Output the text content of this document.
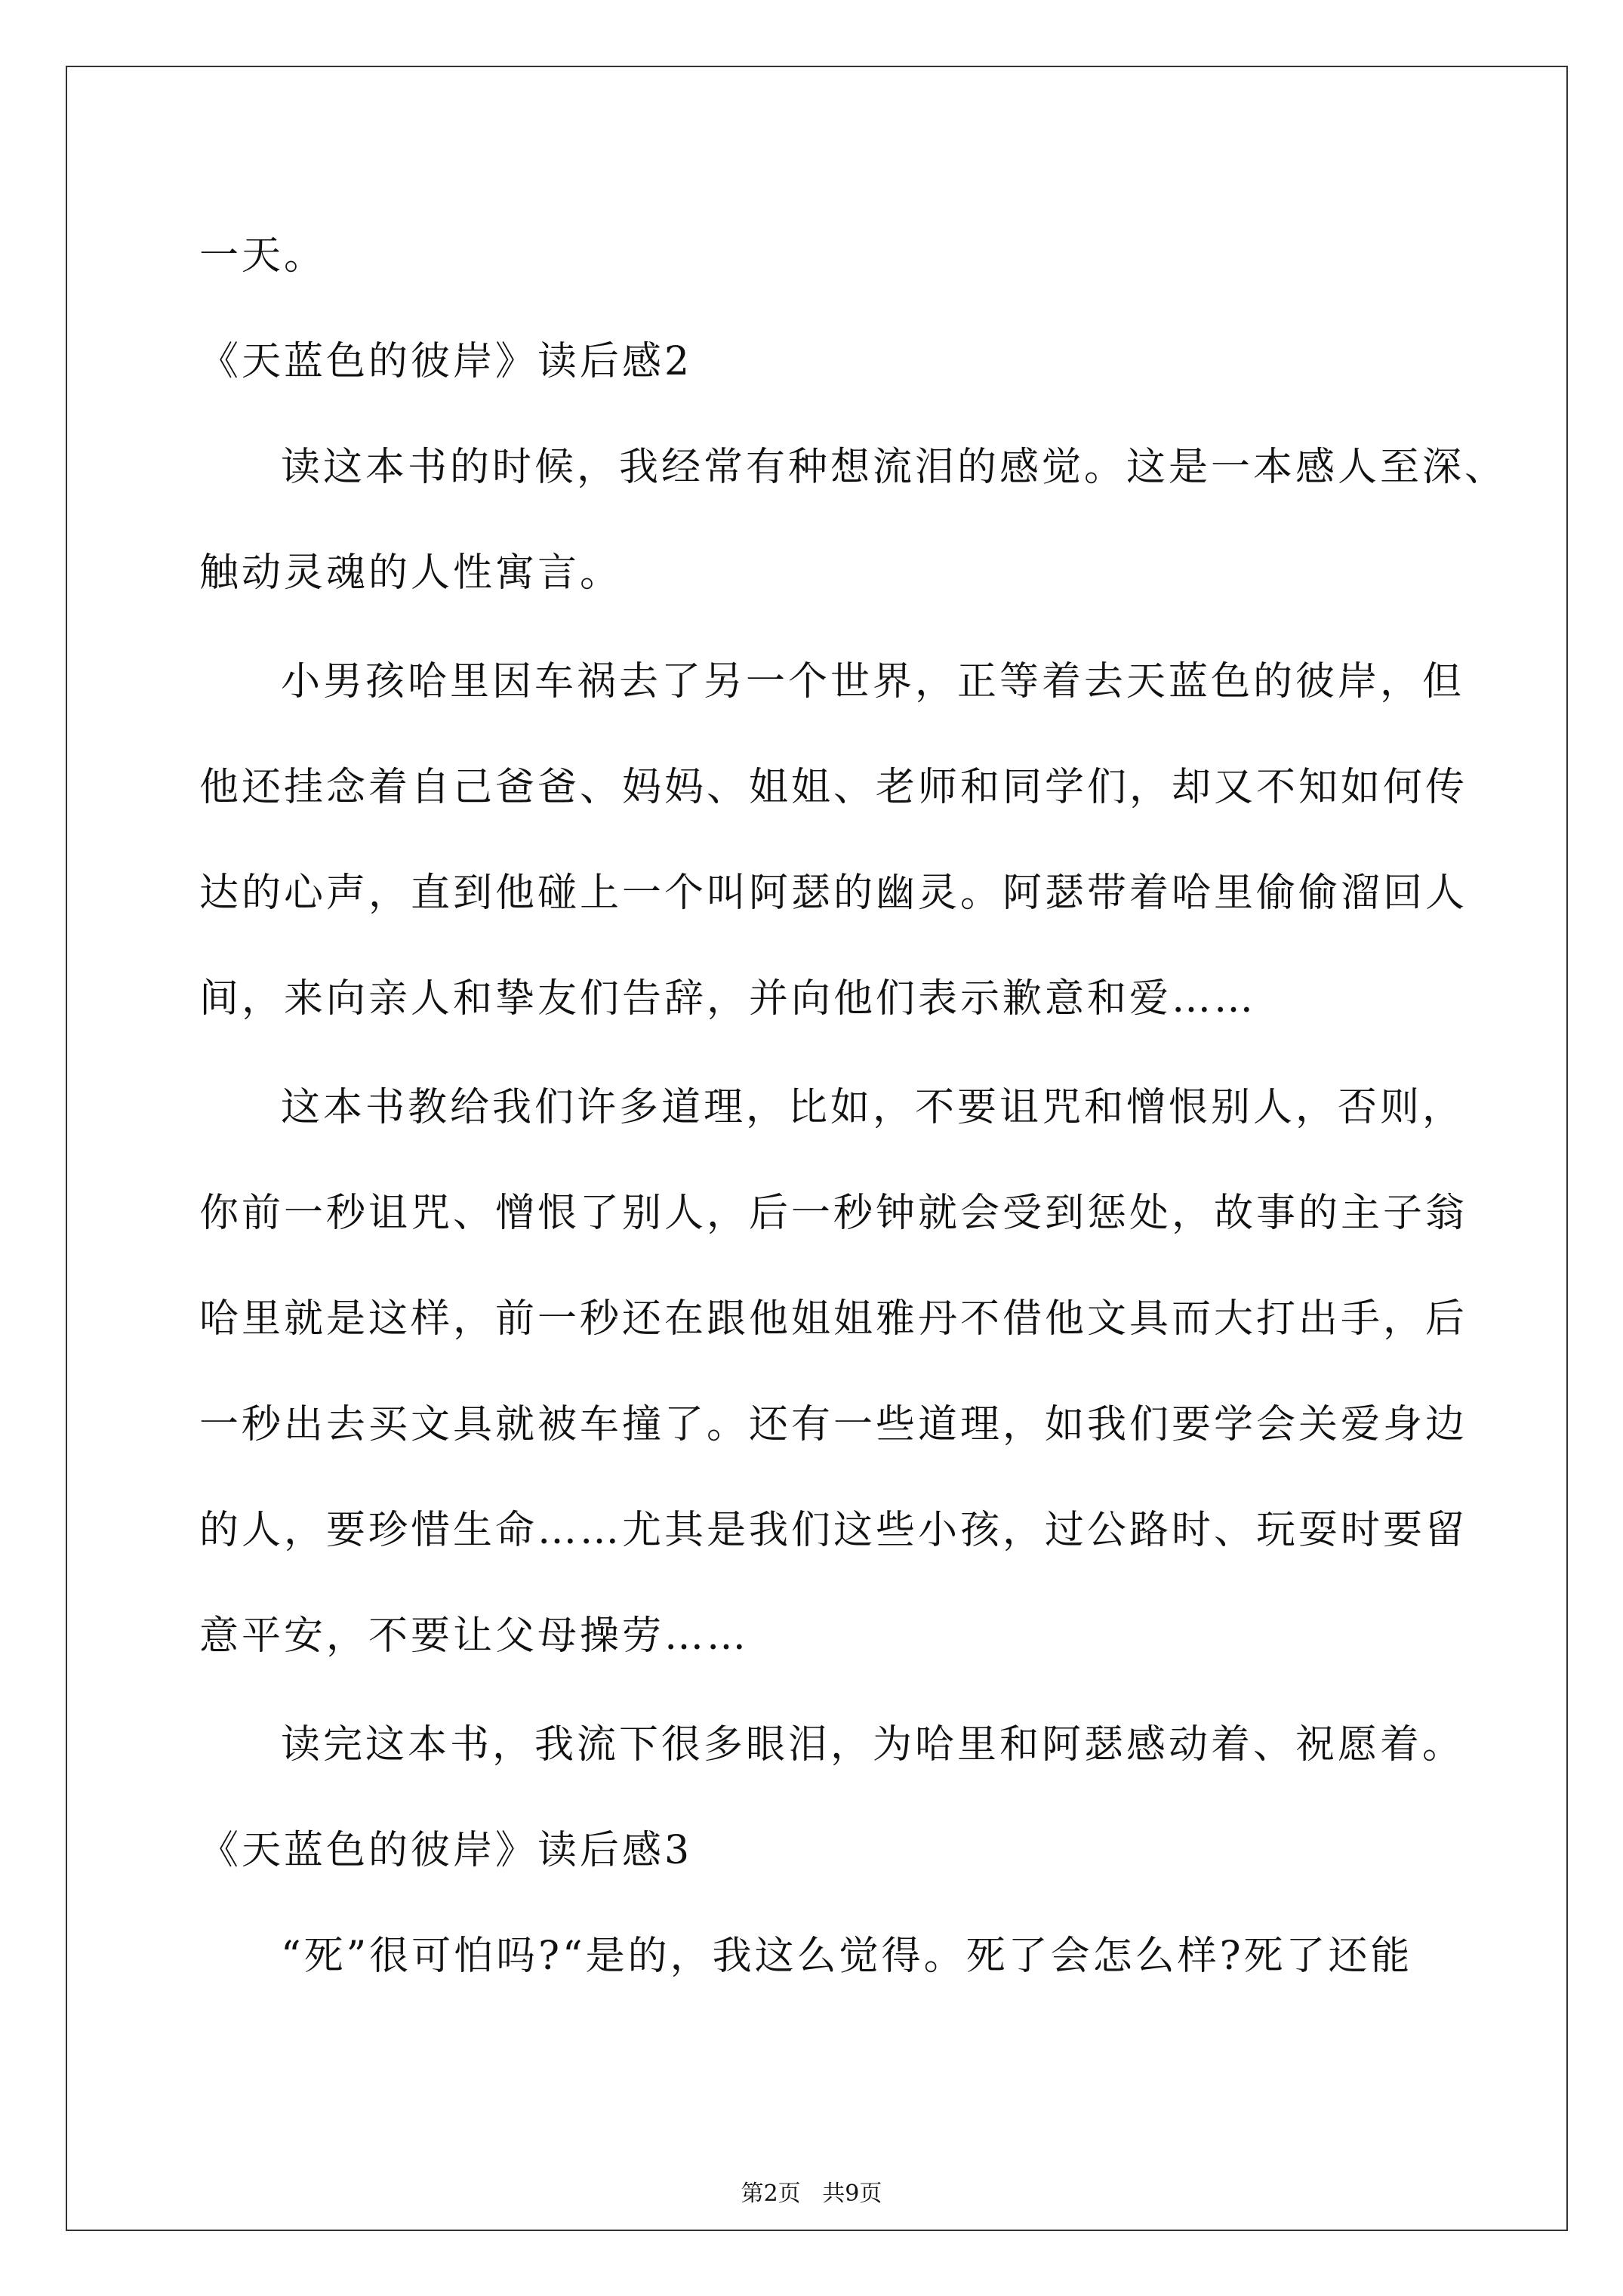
一天。
《天蓝色的彼岸》读后感2
读这本书的时候，我经常有种想流泪的感觉。这是一本感人至深、
触动灵魂的人性寓言。
小男孩哈里因车祸去了另一个世界，正等着去天蓝色的彼岸，但
他还挂念着自己爸爸、妈妈、姐姐、老师和同学们，却又不知如何传
达的心声，直到他碰上一个叫阿瑟的幽灵。阿瑟带着哈里偷偷溜回人
间，来向亲人和挚友们告辞，并向他们表示歉意和爱……
这本书教给我们许多道理，比如，不要诅咒和憎恨别人，否则，
你前一秒诅咒、憎恨了别人，后一秒钟就会受到惩处，故事的主子翁
哈里就是这样，前一秒还在跟他姐姐雅丹不借他文具而大打出手，后
一秒出去买文具就被车撞了。还有一些道理，如我们要学会关爱身边
的人，要珍惜生命……尤其是我们这些小孩，过公路时、玩耍时要留
意平安，不要让父母操劳……
读完这本书，我流下很多眼泪，为哈里和阿瑟感动着、祝愿着。
《天蓝色的彼岸》读后感3
“死”很可怕吗?“是的，我这么觉得。死了会怎么样?死了还能
第2页   共9页
